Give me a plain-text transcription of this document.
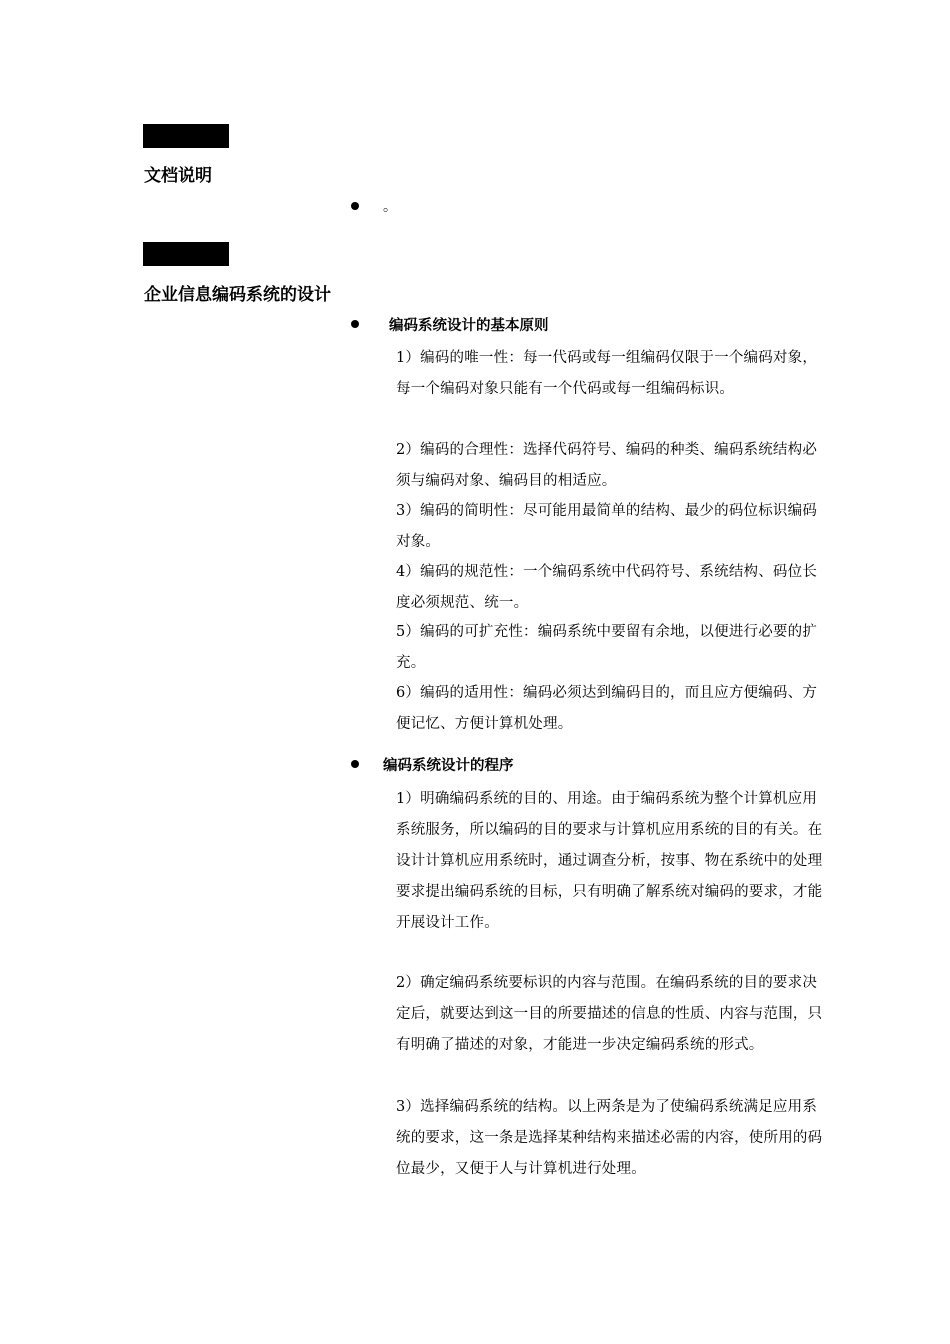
文档说明
。
企业信息编码系统的设计
编码系统设计的基本原则

1）编码的唯一性：每一代码或每一组编码仅限于一个编码对象，每一个编码对象只能有一个代码或每一组编码标识。

2）编码的合理性：选择代码符号、编码的种类、编码系统结构必须与编码对象、编码目的相适应。

3）编码的简明性：尽可能用最简单的结构、最少的码位标识编码对象。

4）编码的规范性：一个编码系统中代码符号、系统结构、码位长度必须规范、统一。

5）编码的可扩充性：编码系统中要留有余地，以便进行必要的扩充。

6）编码的适用性：编码必须达到编码目的，而且应方便编码、方便记忆、方便计算机处理。

编码系统设计的程序

1）明确编码系统的目的、用途。由于编码系统为整个计算机应用系统服务，所以编码的目的要求与计算机应用系统的目的有关。在设计计算机应用系统时，通过调查分析，按事、物在系统中的处理要求提出编码系统的目标，只有明确了解系统对编码的要求，才能开展设计工作。

2）确定编码系统要标识的内容与范围。在编码系统的目的要求决定后，就要达到这一目的所要描述的信息的性质、内容与范围，只有明确了描述的对象，才能进一步决定编码系统的形式。

3）选择编码系统的结构。以上两条是为了使编码系统满足应用系统的要求，这一条是选择某种结构来描述必需的内容，使所用的码位最少，又便于人与计算机进行处理。
